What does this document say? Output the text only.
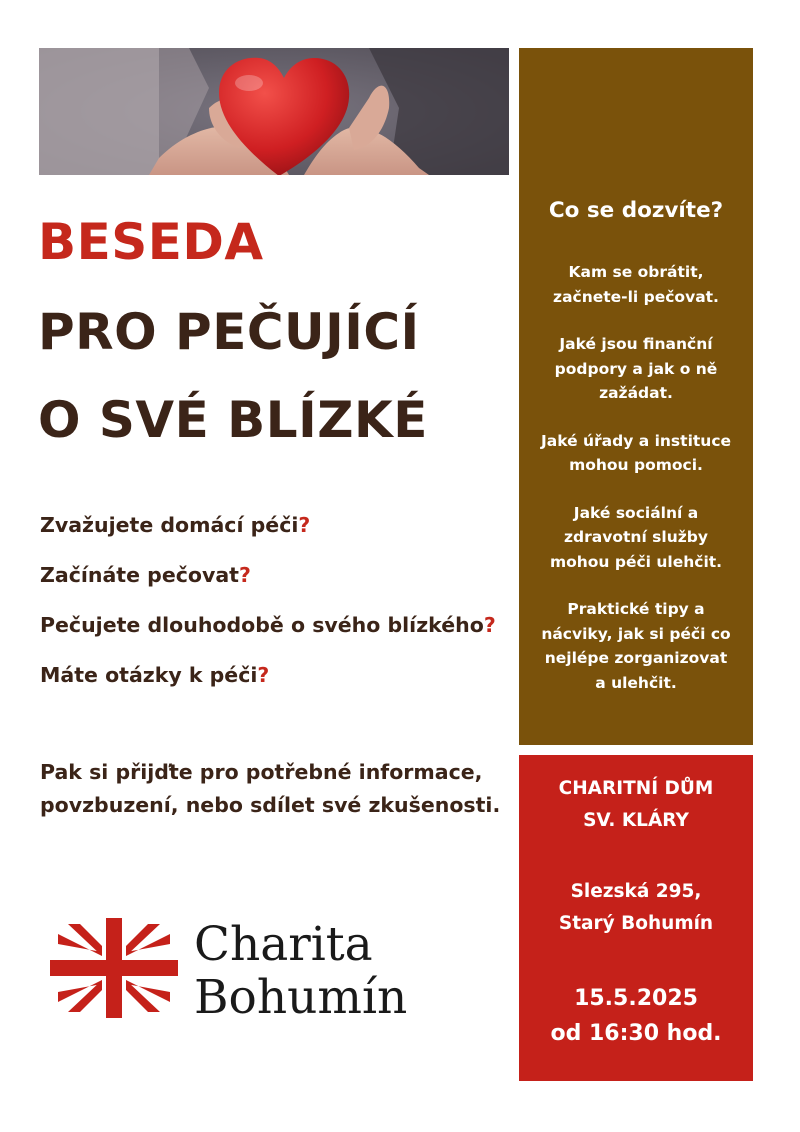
BESEDA
PRO PEČUJÍCÍ
O SVÉ BLÍZKÉ
Zvažujete domácí péči?
Začínáte pečovat?
Pečujete dlouhodobě o svého blízkého?
Máte otázky k péči?
Pak si přijďte pro potřebné informace, povzbuzení, nebo sdílet své zkušenosti.
Charita
Bohumín
Co se dozvíte?
Kam se obrátit,
začnete-li pečovat.
Jaké jsou finanční
podpory a jak o ně
zažádat.
Jaké úřady a instituce
mohou pomoci.
Jaké sociální a
zdravotní služby
mohou péči ulehčit.
Praktické tipy a
nácviky, jak si péči co
nejlépe zorganizovat
a ulehčit.
CHARITNÍ DŮM
SV. KLÁRY
Slezská 295,
Starý Bohumín
15.5.2025
od 16:30 hod.
